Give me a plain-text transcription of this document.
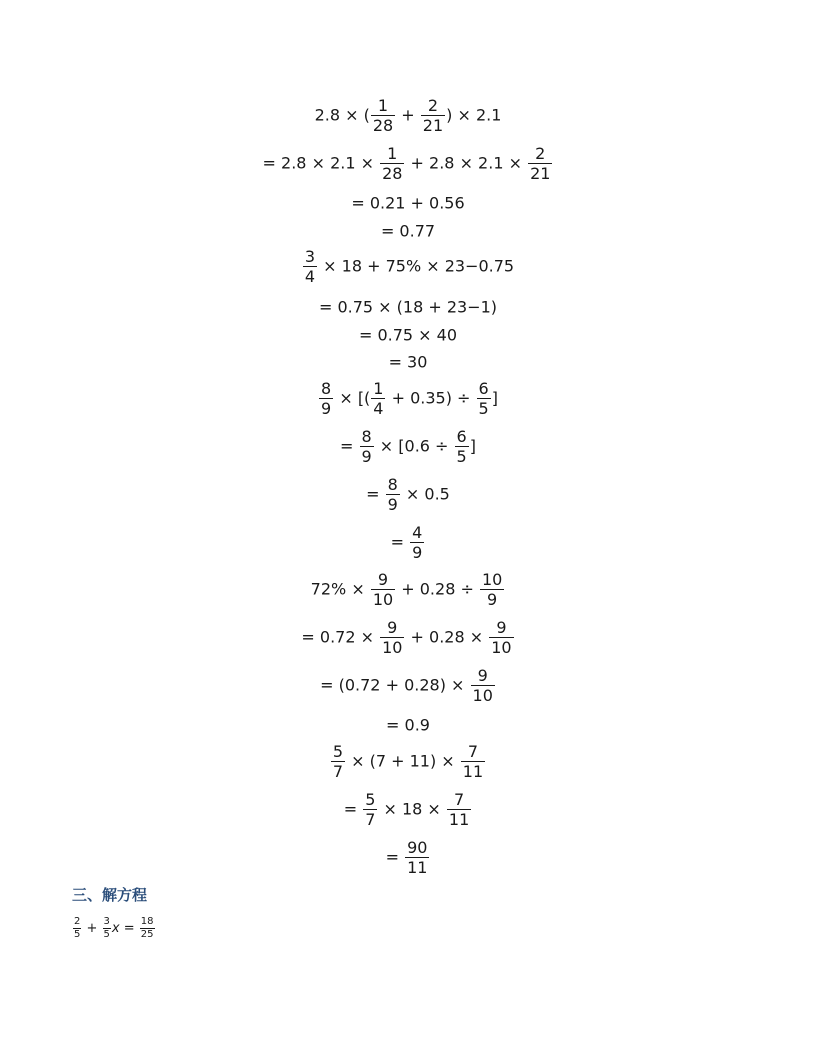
2.8 × ( $\frac{1}{28} + \frac{2}{21}$ ) × 2.1
= $2.8 \times 2.1 \times \frac{1}{28} + 2.8 \times 2.1 \times \frac{2}{21}$
= 0.21 + 0.56
= 0.77
$\frac{3}{4} \times 18 + 75\% \times 23-0.75$
= 0.75 × (18 + 23−1)
= 0.75 × 40
= 30
$\frac{8}{9}$ × [( $\frac{1}{4} + 0.35) \div \frac{6}{5}$ ]
= $\frac{8}{9} \times [0.6 \div \frac{6}{5}$ ]
= $\frac{8}{9} \times 0.5$
= $\frac{4}{9}$
$72\% \times \frac{9}{10} + 0.28 \div \frac{10}{9}$
= $0.72 \times \frac{9}{10} + 0.28 \times \frac{9}{10}$
= $(0.72 + 0.28) \times \frac{9}{10}$
= 0.9
$\frac{5}{7} \times (7 + 11) \times \frac{7}{11}$
= $\frac{5}{7} \times 18 \times \frac{7}{11}$
= $\frac{90}{11}$
三、解方程
$\frac{2}{5} + \frac{3}{5}$ $x = \frac{18}{25}$
